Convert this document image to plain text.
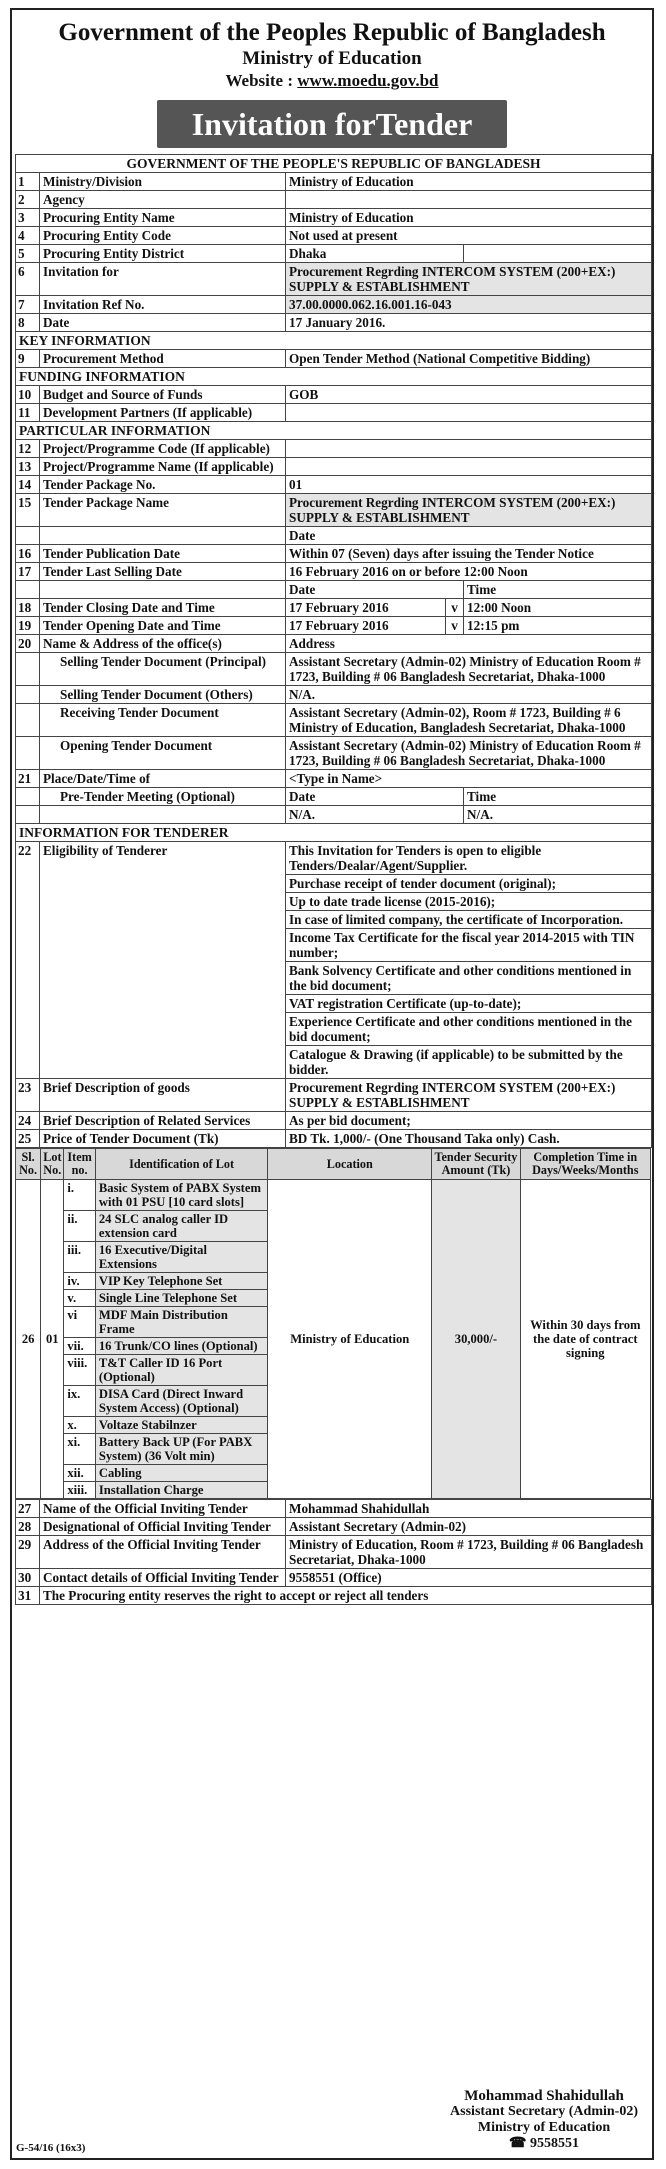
Government of the Peoples Republic of Bangladesh
Ministry of Education
Website : www.moedu.gov.bd
Invitation forTender
GOVERNMENT OF THE PEOPLE'S REPUBLIC OF BANGLADESH				
1	Ministry/Division	Ministry of Education		
2	Agency			
3	Procuring Entity Name	Ministry of Education		
4	Procuring Entity Code	Not used at present		
5	Procuring Entity District	Dhaka		
6	Invitation for	Procurement Regrding INTERCOM SYSTEM (200+EX:) SUPPLY & ESTABLISHMENT		
7	Invitation Ref No.	37.00.0000.062.16.001.16-043		
8	Date	17 January 2016.		
KEY INFORMATION				
9	Procurement Method	Open Tender Method (National Competitive Bidding)		
FUNDING INFORMATION				
10	Budget and Source of Funds	GOB		
11	Development Partners (If applicable)			
PARTICULAR INFORMATION				
12	Project/Programme Code (If applicable)			
13	Project/Programme Name (If applicable)			
14	Tender Package No.	01		
15	Tender Package Name	Procurement Regrding INTERCOM SYSTEM (200+EX:) SUPPLY & ESTABLISHMENT		
		Date		
16	Tender Publication Date	Within 07 (Seven) days after issuing the Tender Notice		
17	Tender Last Selling Date	16 February 2016 on or before 12:00 Noon		
		Date		Time
18	Tender Closing Date and Time	17 February 2016	v	12:00 Noon
19	Tender Opening Date and Time	17 February 2016	v	12:15 pm
20	Name & Address of the office(s)	Address		
	Selling Tender Document (Principal)	Assistant Secretary (Admin-02) Ministry of Education Room # 1723, Building # 06 Bangladesh Secretariat, Dhaka-1000		
	Selling Tender Document (Others)	N/A.		
	Receiving Tender Document	Assistant Secretary (Admin-02), Room # 1723, Building # 6 Ministry of Education, Bangladesh Secretariat, Dhaka-1000		
	Opening Tender Document	Assistant Secretary (Admin-02) Ministry of Education Room # 1723, Building # 06 Bangladesh Secretariat, Dhaka-1000		
21	Place/Date/Time of	<Type in Name>		
	Pre-Tender Meeting (Optional)	Date		Time
		N/A.		N/A.
INFORMATION FOR TENDERER				
22	Eligibility of Tenderer	This Invitation for Tenders is open to eligible Tenders/Dealar/Agent/Supplier.		
		Purchase receipt of tender document (original);		
		Up to date trade license (2015-2016);		
		In case of limited company, the certificate of Incorporation.		
		Income Tax Certificate for the fiscal year 2014-2015 with TIN number;		
		Bank Solvency Certificate and other conditions mentioned in the bid document;		
		VAT registration Certificate (up-to-date);		
		Experience Certificate and other conditions mentioned in the bid document;		
		Catalogue & Drawing (if applicable) to be submitted by the bidder.		
23	Brief Description of goods	Procurement Regrding INTERCOM SYSTEM (200+EX:) SUPPLY & ESTABLISHMENT		
24	Brief Description of Related Services	As per bid document;		
25	Price of Tender Document (Tk)	BD Tk. 1,000/- (One Thousand Taka only) Cash.		
Sl. No.	Lot No.	Item no.	Identification of Lot	Location	Tender Security Amount (Tk)	Completion Time in Days/Weeks/Months
26	01	i.	Basic System of PABX System with 01 PSU [10 card slots]	Ministry of Education	30,000/-	Within 30 days from the date of contract signing
		ii.	24 SLC analog caller ID extension card			
		iii.	16 Executive/Digital Extensions			
		iv.	VIP Key Telephone Set			
		v.	Single Line Telephone Set			
		vi	MDF Main Distribution Frame			
		vii.	16 Trunk/CO lines (Optional)			
		viii.	T&T Caller ID 16 Port (Optional)			
		ix.	DISA Card (Direct Inward System Access) (Optional)			
		x.	Voltaze Stabilnzer			
		xi.	Battery Back UP (For PABX System) (36 Volt min)			
		xii.	Cabling			
		xiii.	Installation Charge			
27	Name of the Official Inviting Tender	Mohammad Shahidullah
28	Designational of Official Inviting Tender	Assistant Secretary (Admin-02)
29	Address of the Official Inviting Tender	Ministry of Education, Room # 1723, Building # 06 Bangladesh Secretariat, Dhaka-1000
30	Contact details of Official Inviting Tender	9558551 (Office)
31	The Procuring entity reserves the right to accept or reject all tenders	
Mohammad Shahidullah
Assistant Secretary (Admin-02)
Ministry of Education
☎ 9558551
G-54/16 (16x3)
